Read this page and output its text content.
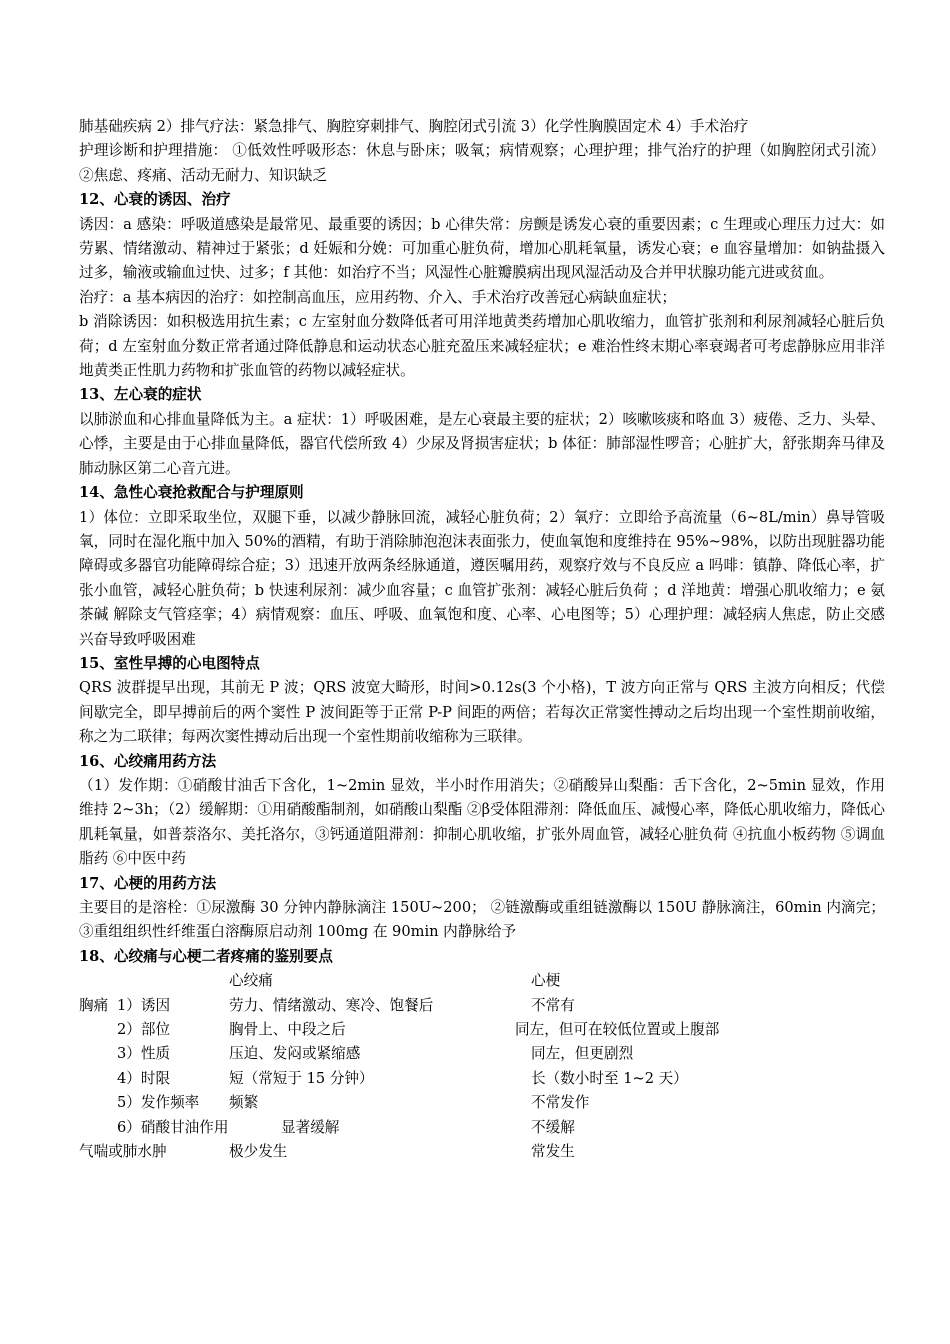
肺基础疾病 2）排气疗法：紧急排气、胸腔穿刺排气、胸腔闭式引流 3）化学性胸膜固定术 4）手术治疗

护理诊断和护理措施： ①低效性呼吸形态：休息与卧床；吸氧；病情观察；心理护理；排气治疗的护理（如胸腔闭式引流）②焦虑、疼痛、活动无耐力、知识缺乏

12、心衰的诱因、治疗

诱因：a 感染：呼吸道感染是最常见、最重要的诱因；b 心律失常：房颤是诱发心衰的重要因素；c 生理或心理压力过大：如劳累、情绪激动、精神过于紧张；d 妊娠和分娩：可加重心脏负荷，增加心肌耗氧量，诱发心衰；e 血容量增加：如钠盐摄入过多，输液或输血过快、过多；f 其他：如治疗不当；风湿性心脏瓣膜病出现风湿活动及合并甲状腺功能亢进或贫血。

治疗：a 基本病因的治疗：如控制高血压，应用药物、介入、手术治疗改善冠心病缺血症状；

b 消除诱因：如积极选用抗生素；c 左室射血分数降低者可用洋地黄类药增加心肌收缩力，血管扩张剂和利尿剂减轻心脏后负荷；d 左室射血分数正常者通过降低静息和运动状态心脏充盈压来减轻症状；e 难治性终末期心率衰竭者可考虑静脉应用非洋地黄类正性肌力药物和扩张血管的药物以减轻症状。

13、左心衰的症状

以肺淤血和心排血量降低为主。a 症状：1）呼吸困难，是左心衰最主要的症状；2）咳嗽咳痰和咯血 3）疲倦、乏力、头晕、心悸，主要是由于心排血量降低，器官代偿所致 4）少尿及肾损害症状；b 体征：肺部湿性啰音；心脏扩大，舒张期奔马律及肺动脉区第二心音亢进。

14、急性心衰抢救配合与护理原则

1）体位：立即采取坐位，双腿下垂，以减少静脉回流，减轻心脏负荷；2）氧疗：立即给予高流量（6~8L/min）鼻导管吸氧，同时在湿化瓶中加入 50%的酒精，有助于消除肺泡泡沫表面张力，使血氧饱和度维持在 95%~98%，以防出现脏器功能障碍或多器官功能障碍综合症；3）迅速开放两条经脉通道，遵医嘱用药，观察疗效与不良反应 a 吗啡：镇静、降低心率，扩张小血管，减轻心脏负荷；b 快速利尿剂：减少血容量；c 血管扩张剂：减轻心脏后负荷 ；d 洋地黄：增强心肌收缩力；e 氨茶碱 解除支气管痉挛；4）病情观察：血压、呼吸、血氧饱和度、心率、心电图等；5）心理护理：减轻病人焦虑，防止交感兴奋导致呼吸困难

15、室性早搏的心电图特点

QRS 波群提早出现，其前无 P 波；QRS 波宽大畸形，时间>0.12s(3 个小格)，T 波方向正常与 QRS 主波方向相反；代偿间歇完全，即早搏前后的两个窦性 P 波间距等于正常 P-P 间距的两倍；若每次正常窦性搏动之后均出现一个室性期前收缩，称之为二联律；每两次窦性搏动后出现一个室性期前收缩称为三联律。

16、心绞痛用药方法

（1）发作期：①硝酸甘油舌下含化，1~2min 显效，半小时作用消失；②硝酸异山梨酯：舌下含化，2~5min 显效，作用维持 2~3h；（2）缓解期：①用硝酸酯制剂，如硝酸山梨酯 ②β受体阻滞剂：降低血压、减慢心率，降低心肌收缩力，降低心肌耗氧量，如普萘洛尔、美托洛尔，③钙通道阻滞剂：抑制心肌收缩，扩张外周血管，减轻心脏负荷 ④抗血小板药物 ⑤调血脂药 ⑥中医中药

17、心梗的用药方法

主要目的是溶栓：①尿激酶 30 分钟内静脉滴注 150U~200； ②链激酶或重组链激酶以 150U 静脉滴注，60min 内滴完；③重组组织性纤维蛋白溶酶原启动剂 100mg 在 90min 内静脉给予

18、心绞痛与心梗二者疼痛的鉴别要点
心绞痛	心梗
胸痛 1）诱因	劳力、情绪激动、寒冷、饱餐后	不常有
2）部位	胸骨上、中段之后	同左，但可在较低位置或上腹部
3）性质	压迫、发闷或紧缩感	同左，但更剧烈
4）时限	短（常短于 15 分钟）	长（数小时至 1~2 天）
5）发作频率 频繁	不常发作
6）硝酸甘油作用	显著缓解	不缓解
气喘或肺水肿	极少发生	常发生
